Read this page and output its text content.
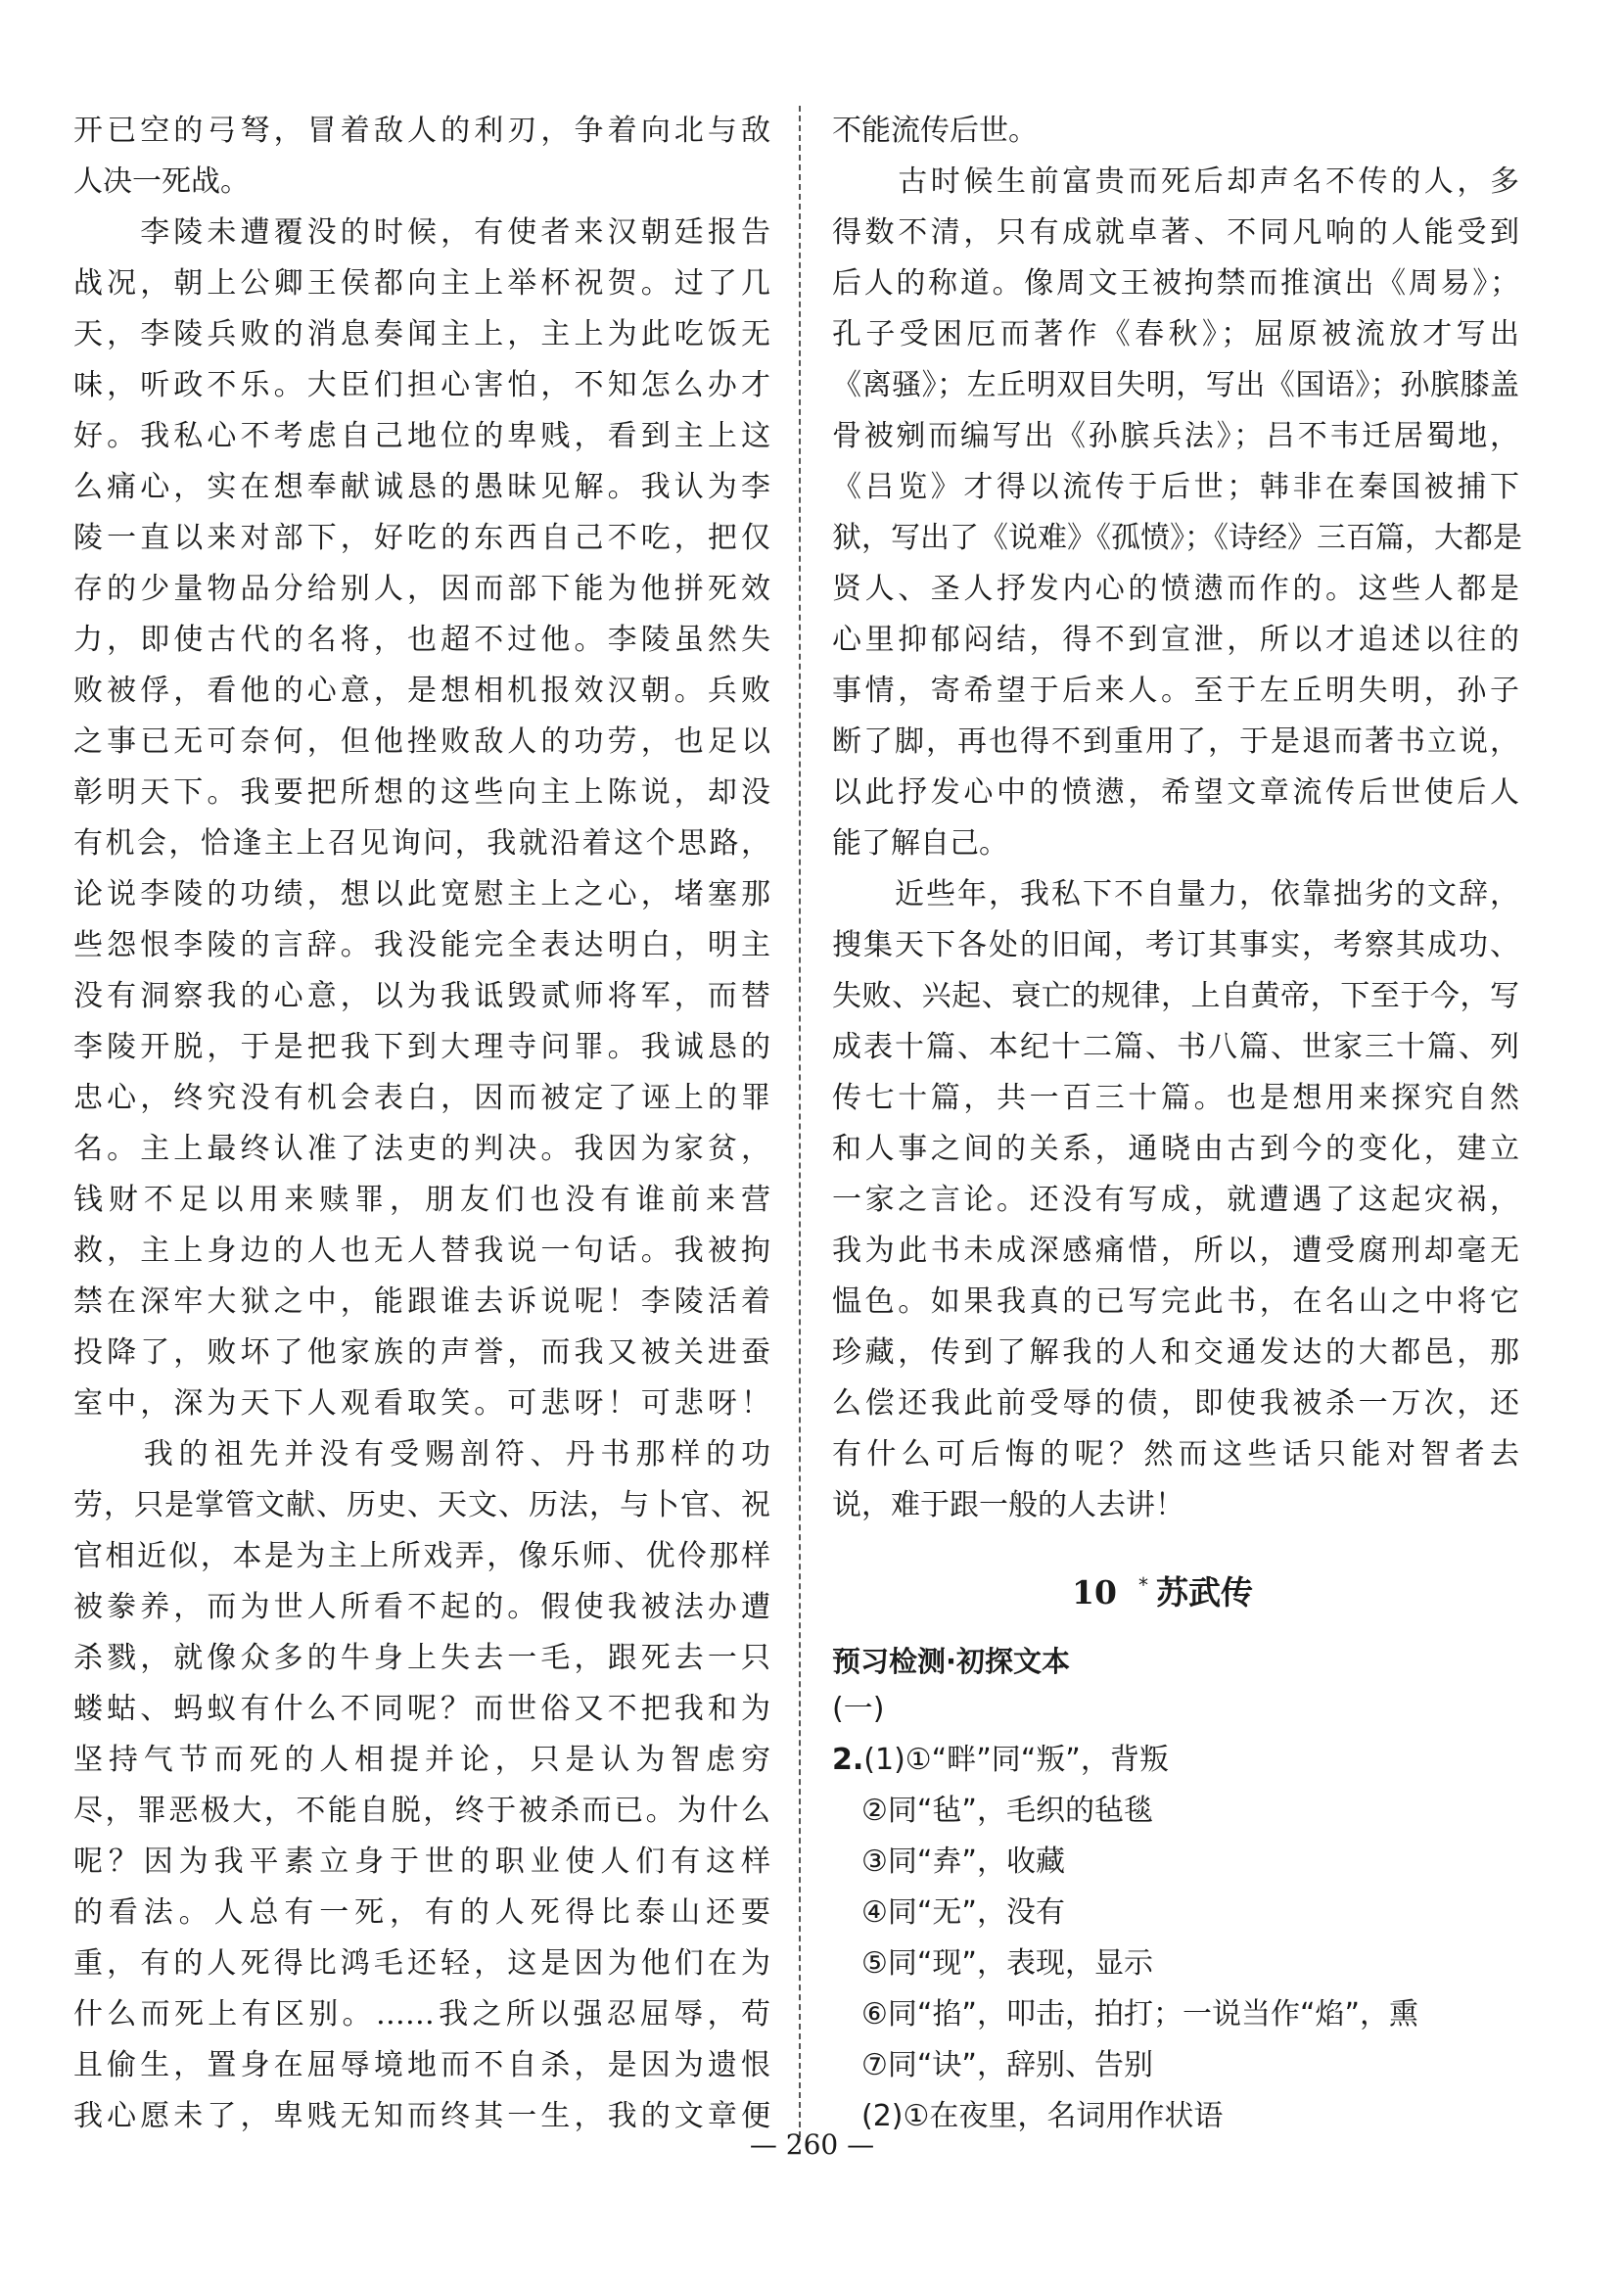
开已空的弓弩，冒着敌人的利刃，争着向北与敌
人决一死战。
　　李陵未遭覆没的时候，有使者来汉朝廷报告
战况，朝上公卿王侯都向主上举杯祝贺。过了几
天，李陵兵败的消息奏闻主上，主上为此吃饭无
味，听政不乐。大臣们担心害怕，不知怎么办才
好。我私心不考虑自己地位的卑贱，看到主上这
么痛心，实在想奉献诚恳的愚昧见解。我认为李
陵一直以来对部下，好吃的东西自己不吃，把仅
存的少量物品分给别人，因而部下能为他拼死效
力，即使古代的名将，也超不过他。李陵虽然失
败被俘，看他的心意，是想相机报效汉朝。兵败
之事已无可奈何，但他挫败敌人的功劳，也足以
彰明天下。我要把所想的这些向主上陈说，却没
有机会，恰逢主上召见询问，我就沿着这个思路，
论说李陵的功绩，想以此宽慰主上之心，堵塞那
些怨恨李陵的言辞。我没能完全表达明白，明主
没有洞察我的心意，以为我诋毁贰师将军，而替
李陵开脱，于是把我下到大理寺问罪。我诚恳的
忠心，终究没有机会表白，因而被定了诬上的罪
名。主上最终认准了法吏的判决。我因为家贫，
钱财不足以用来赎罪，朋友们也没有谁前来营
救，主上身边的人也无人替我说一句话。我被拘
禁在深牢大狱之中，能跟谁去诉说呢！李陵活着
投降了，败坏了他家族的声誉，而我又被关进蚕
室中，深为天下人观看取笑。可悲呀！可悲呀！
　　我的祖先并没有受赐剖符、丹书那样的功
劳，只是掌管文献、历史、天文、历法，与卜官、祝
官相近似，本是为主上所戏弄，像乐师、优伶那样
被豢养，而为世人所看不起的。假使我被法办遭
杀戮，就像众多的牛身上失去一毛，跟死去一只
蝼蛄、蚂蚁有什么不同呢？而世俗又不把我和为
坚持气节而死的人相提并论，只是认为智虑穷
尽，罪恶极大，不能自脱，终于被杀而已。为什么
呢？因为我平素立身于世的职业使人们有这样
的看法。人总有一死，有的人死得比泰山还要
重，有的人死得比鸿毛还轻，这是因为他们在为
什么而死上有区别。……我之所以强忍屈辱，苟
且偷生，置身在屈辱境地而不自杀，是因为遗恨
我心愿未了，卑贱无知而终其一生，我的文章便
不能流传后世。
　　古时候生前富贵而死后却声名不传的人，多
得数不清，只有成就卓著、不同凡响的人能受到
后人的称道。像周文王被拘禁而推演出《周易》；
孔子受困厄而著作《春秋》；屈原被流放才写出
《离骚》；左丘明双目失明，写出《国语》；孙膑膝盖
骨被剜而编写出《孙膑兵法》；吕不韦迁居蜀地，
《吕览》才得以流传于后世；韩非在秦国被捕下
狱，写出了《说难》《孤愤》；《诗经》三百篇，大都是
贤人、圣人抒发内心的愤懑而作的。这些人都是
心里抑郁闷结，得不到宣泄，所以才追述以往的
事情，寄希望于后来人。至于左丘明失明，孙子
断了脚，再也得不到重用了，于是退而著书立说，
以此抒发心中的愤懑，希望文章流传后世使后人
能了解自己。
　　近些年，我私下不自量力，依靠拙劣的文辞，
搜集天下各处的旧闻，考订其事实，考察其成功、
失败、兴起、衰亡的规律，上自黄帝，下至于今，写
成表十篇、本纪十二篇、书八篇、世家三十篇、列
传七十篇，共一百三十篇。也是想用来探究自然
和人事之间的关系，通晓由古到今的变化，建立
一家之言论。还没有写成，就遭遇了这起灾祸，
我为此书未成深感痛惜，所以，遭受腐刑却毫无
愠色。如果我真的已写完此书，在名山之中将它
珍藏，传到了解我的人和交通发达的大都邑，那
么偿还我此前受辱的债，即使我被杀一万次，还
有什么可后悔的呢？然而这些话只能对智者去
说，难于跟一般的人去讲！
10 * 苏武传
预习检测·初探文本
(一)
2.(1)①“畔”同“叛”，背叛
②同“毡”，毛织的毡毯
③同“弆”，收藏
④同“无”，没有
⑤同“现”，表现，显示
⑥同“掐”，叩击，拍打；一说当作“焰”，熏
⑦同“诀”，辞别、告别
(2)①在夜里，名词用作状语
— 260 —
